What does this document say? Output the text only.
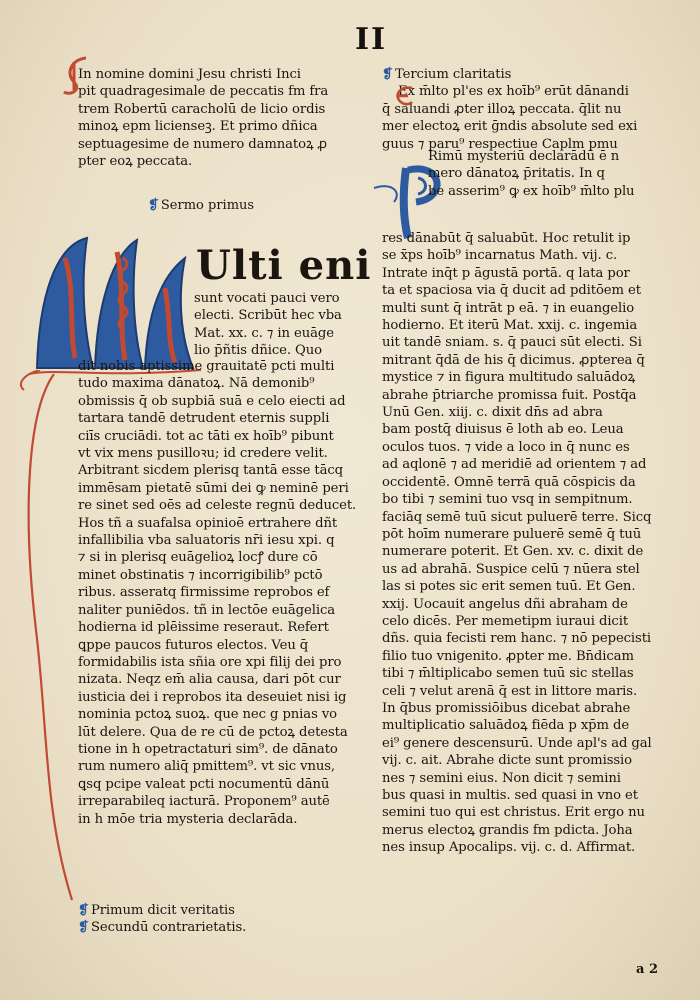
II
In nomine domini Jesu christi Inci
pit quadragesimale de peccatis fm fra
trem Robertū caracholū de licio ordis
minoꝝ epm licienseꝫ. Et primo dñica
septuagesime de numero damnatoꝝ ꝓ
pter eoꝝ peccata.
❡ Sermo primus
Ulti eni
sunt vocati pauci vero
electi. Scribūt hec vba
Mat. xx. c. ⁊ in euāge
lio p̄ñtis dñice. Quo
dit nobis aptissime grauitatē pcti multi
tudo maxima dānatoꝝ. Nā demonib⁹
obmissis q̄ ob supbiā suā e celo eiecti ad
tartara tandē detrudent eternis suppli
ciīs cruciādi. tot ac tāti ex hoīb⁹ pibunt
vt vix mens pusilloꝛu; id credere velit.
Arbitrant sicdem plerisq tantā esse tācq
immēsam pietatē sūmi dei ꝙ neminē peri
re sinet sed oēs ad celeste regnū deducet.
Hos tñ a suafalsa opinioē ertrahere dñt
infallibilia vba saluatoris nr̄i iesu xpi. q
⁊ si in plerisq euāgelioꝝ locꝭ dure cō
minet obstinatis ⁊ incorrigibilib⁹ pctō
ribus. asseratq firmissime reprobos ef
naliter puniēdos. tñ in lectōe euāgelica
hodierna id plēissime reseraut. Refert
ꝗppe paucos futuros electos. Veu q̄
formidabilis ista sñia ore xpi filij dei pro
nizata. Neqz em̄ alia causa, dari pōt cur
iusticia dei i reprobos ita deseuiet nisi ig
nominia pctoꝝ suoꝝ. que nec g pnias vo
lūt delere. Qua de re cū de pctoꝝ detesta
tione in h opetractaturi sim⁹. de dānato
rum numero aliq̄ pmittem⁹. vt sic vnus,
ꝗsq pcipe valeat pcti nocumentū dānū
irreparabileq iacturā. Proponem⁹ autē
in h mōe tria mysteria declarāda.
❡ Primum dicit veritatis
❡ Secundū contrarietatis.
❡ Tercium claritatis
Ex m̄lto pl'es ex hoīb⁹ erūt dānandi
q̄ saluandi ꝓter illoꝝ peccata. q̄lit nu
mer electoꝝ erit ḡndis absolute sed exi
guus ⁊ paru⁹ respectiue Caplm pmu
Rimū mysteriū declarādū ē n
mero dānatoꝝ p̄ritatis. In q
be asserim⁹ ꝙ ex hoīb⁹ m̄lto plu
res dānabūt q̄ saluabūt. Hoc retulit ip
se x̄ps hoīb⁹ incarnatus Math. vij. c.
Intrate inq̄t p āgustā portā. q lata por
ta et spaciosa via q̄ ducit ad pditōem et
multi sunt q̄ intrāt p eā. ⁊ in euangelio
hodierno. Et iterū Mat. xxij. c. ingemia
uit tandē sniam. s. q̄ pauci sūt electi. Si
mitrant q̄dā de his q̄ dicimus. ꝓpterea q̄
mystice ⁊ in figura multitudo saluādoꝝ
abrahe p̄triarche promissa fuit. Postq̄a
Unū Gen. xiij. c. dixit dn̄s ad abra
bam postq̄ diuisus ē loth ab eo. Leua
oculos tuos. ⁊ vide a loco in q̄ nunc es
ad aqlonē ⁊ ad meridiē ad orientem ⁊ ad
occidentē. Omnē terrā quā cōspicis da
bo tibi ⁊ semini tuo vsq in sempitnum.
faciāq semē tuū sicut puluerē terre. Sicq
pōt hoīm numerare puluerē semē q̄ tuū
numerare poterit. Et Gen. xv. c. dixit de
us ad abrahā. Suspice celū ⁊ nūera stel
las si potes sic erit semen tuū. Et Gen.
xxij. Uocauit angelus dñi abraham de
celo dicēs. Per memetipm iuraui dicit
dñs. quia fecisti rem hanc. ⁊ nō pepecisti
filio tuo vnigenito. ꝓpter me. Bn̄dicam
tibi ⁊ m̄ltiplicabo semen tuū sic stellas
celi ⁊ velut arenā q̄ est in littore maris.
In q̄bus promissiōibus dicebat abrahe
multiplicatio saluādoꝝ fiēda p xp̄m de
ei⁹ genere descensurū. Unde apl's ad gal
vij. c. ait. Abrahe dicte sunt promissio
nes ⁊ semini eius. Non dicit ⁊ semini
bus quasi in multis. sed quasi in vno et
semini tuo qui est christus. Erit ergo nu
merus electoꝝ grandis fm pdicta. Joha
nes insup Apocalips. vij. c. d. Affirmat.
a 2
